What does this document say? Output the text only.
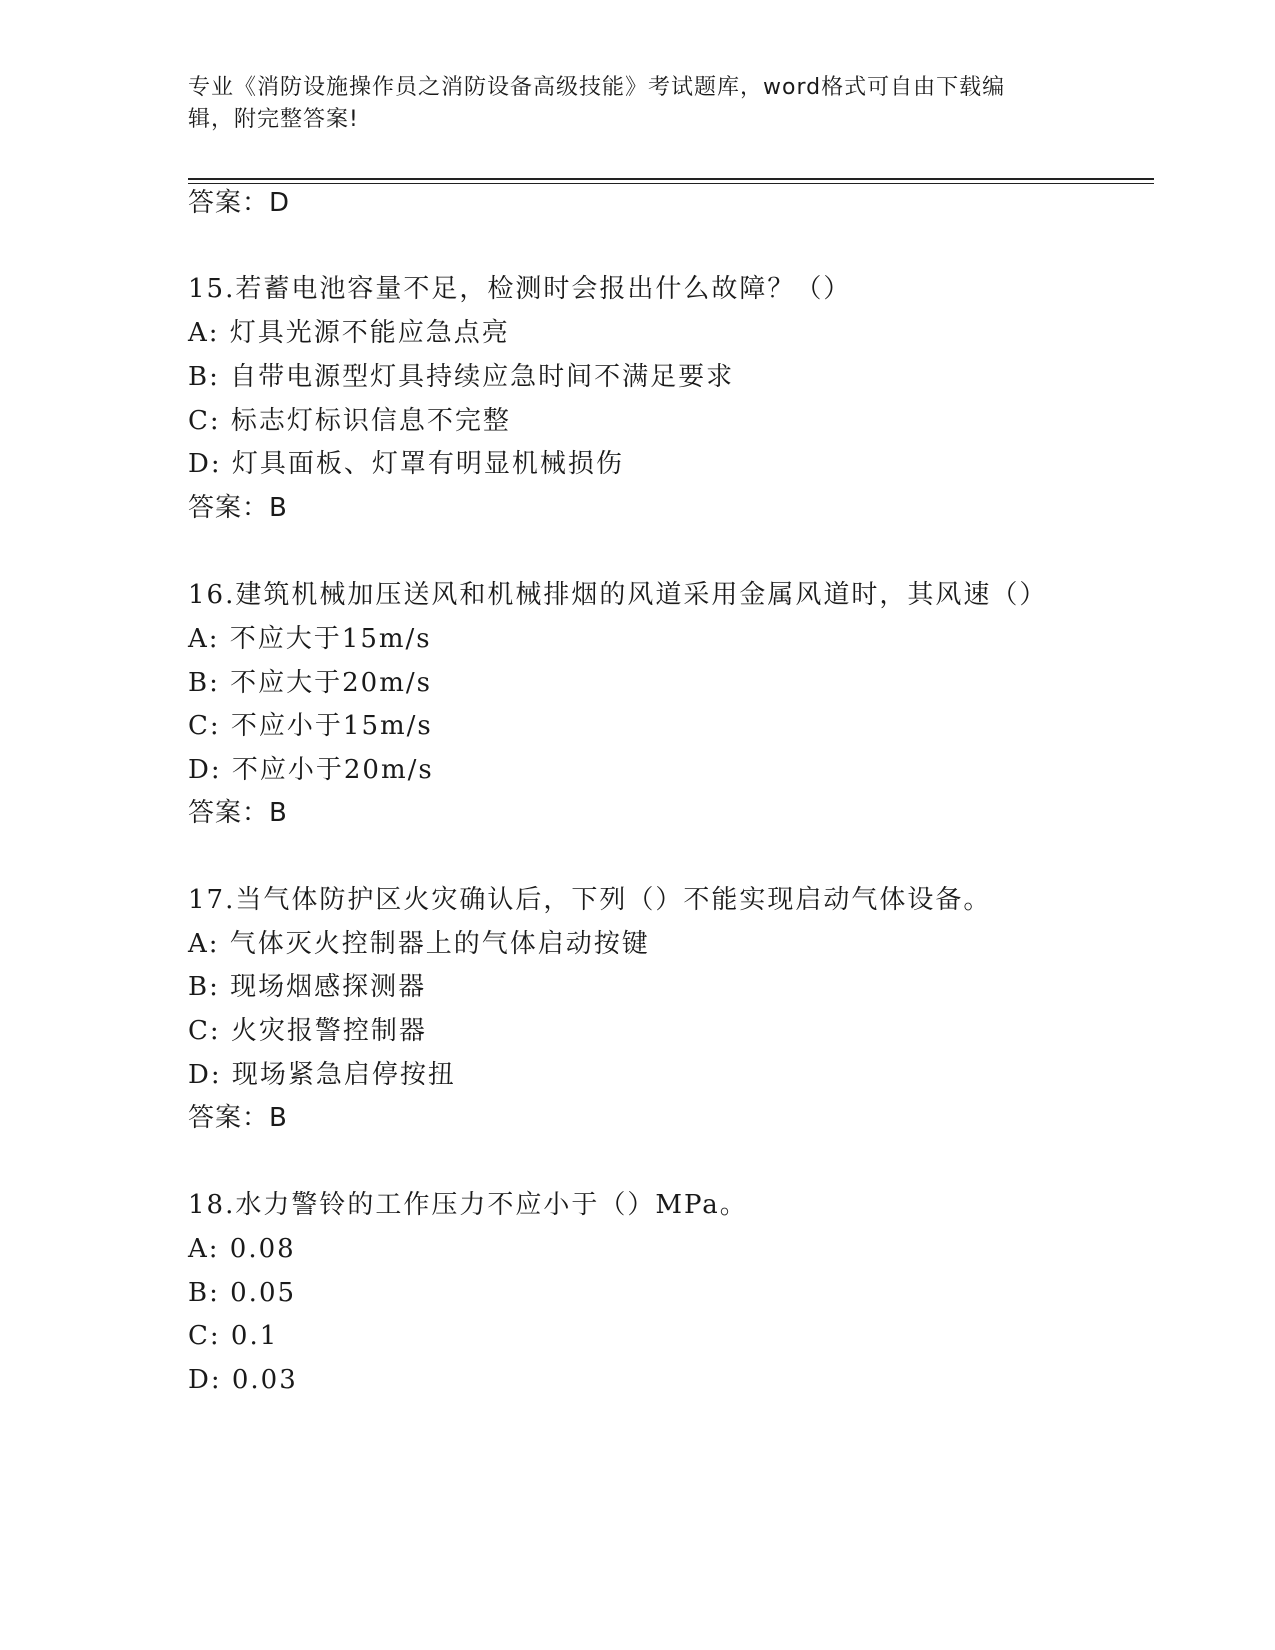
专业《消防设施操作员之消防设备高级技能》考试题库，word格式可自由下载编
辑，附完整答案!
答案：D
15.若蓄电池容量不足，检测时会报出什么故障？（）
A: 灯具光源不能应急点亮
B: 自带电源型灯具持续应急时间不满足要求
C: 标志灯标识信息不完整
D: 灯具面板、灯罩有明显机械损伤
答案：B
16.建筑机械加压送风和机械排烟的风道采用金属风道时，其风速（）
A: 不应大于15m/s
B: 不应大于20m/s
C: 不应小于15m/s
D: 不应小于20m/s
答案：B
17.当气体防护区火灾确认后，下列（）不能实现启动气体设备。
A: 气体灭火控制器上的气体启动按键
B: 现场烟感探测器
C: 火灾报警控制器
D: 现场紧急启停按扭
答案：B
18.水力警铃的工作压力不应小于（）MPa。
A: 0.08
B: 0.05
C: 0.1
D: 0.03
